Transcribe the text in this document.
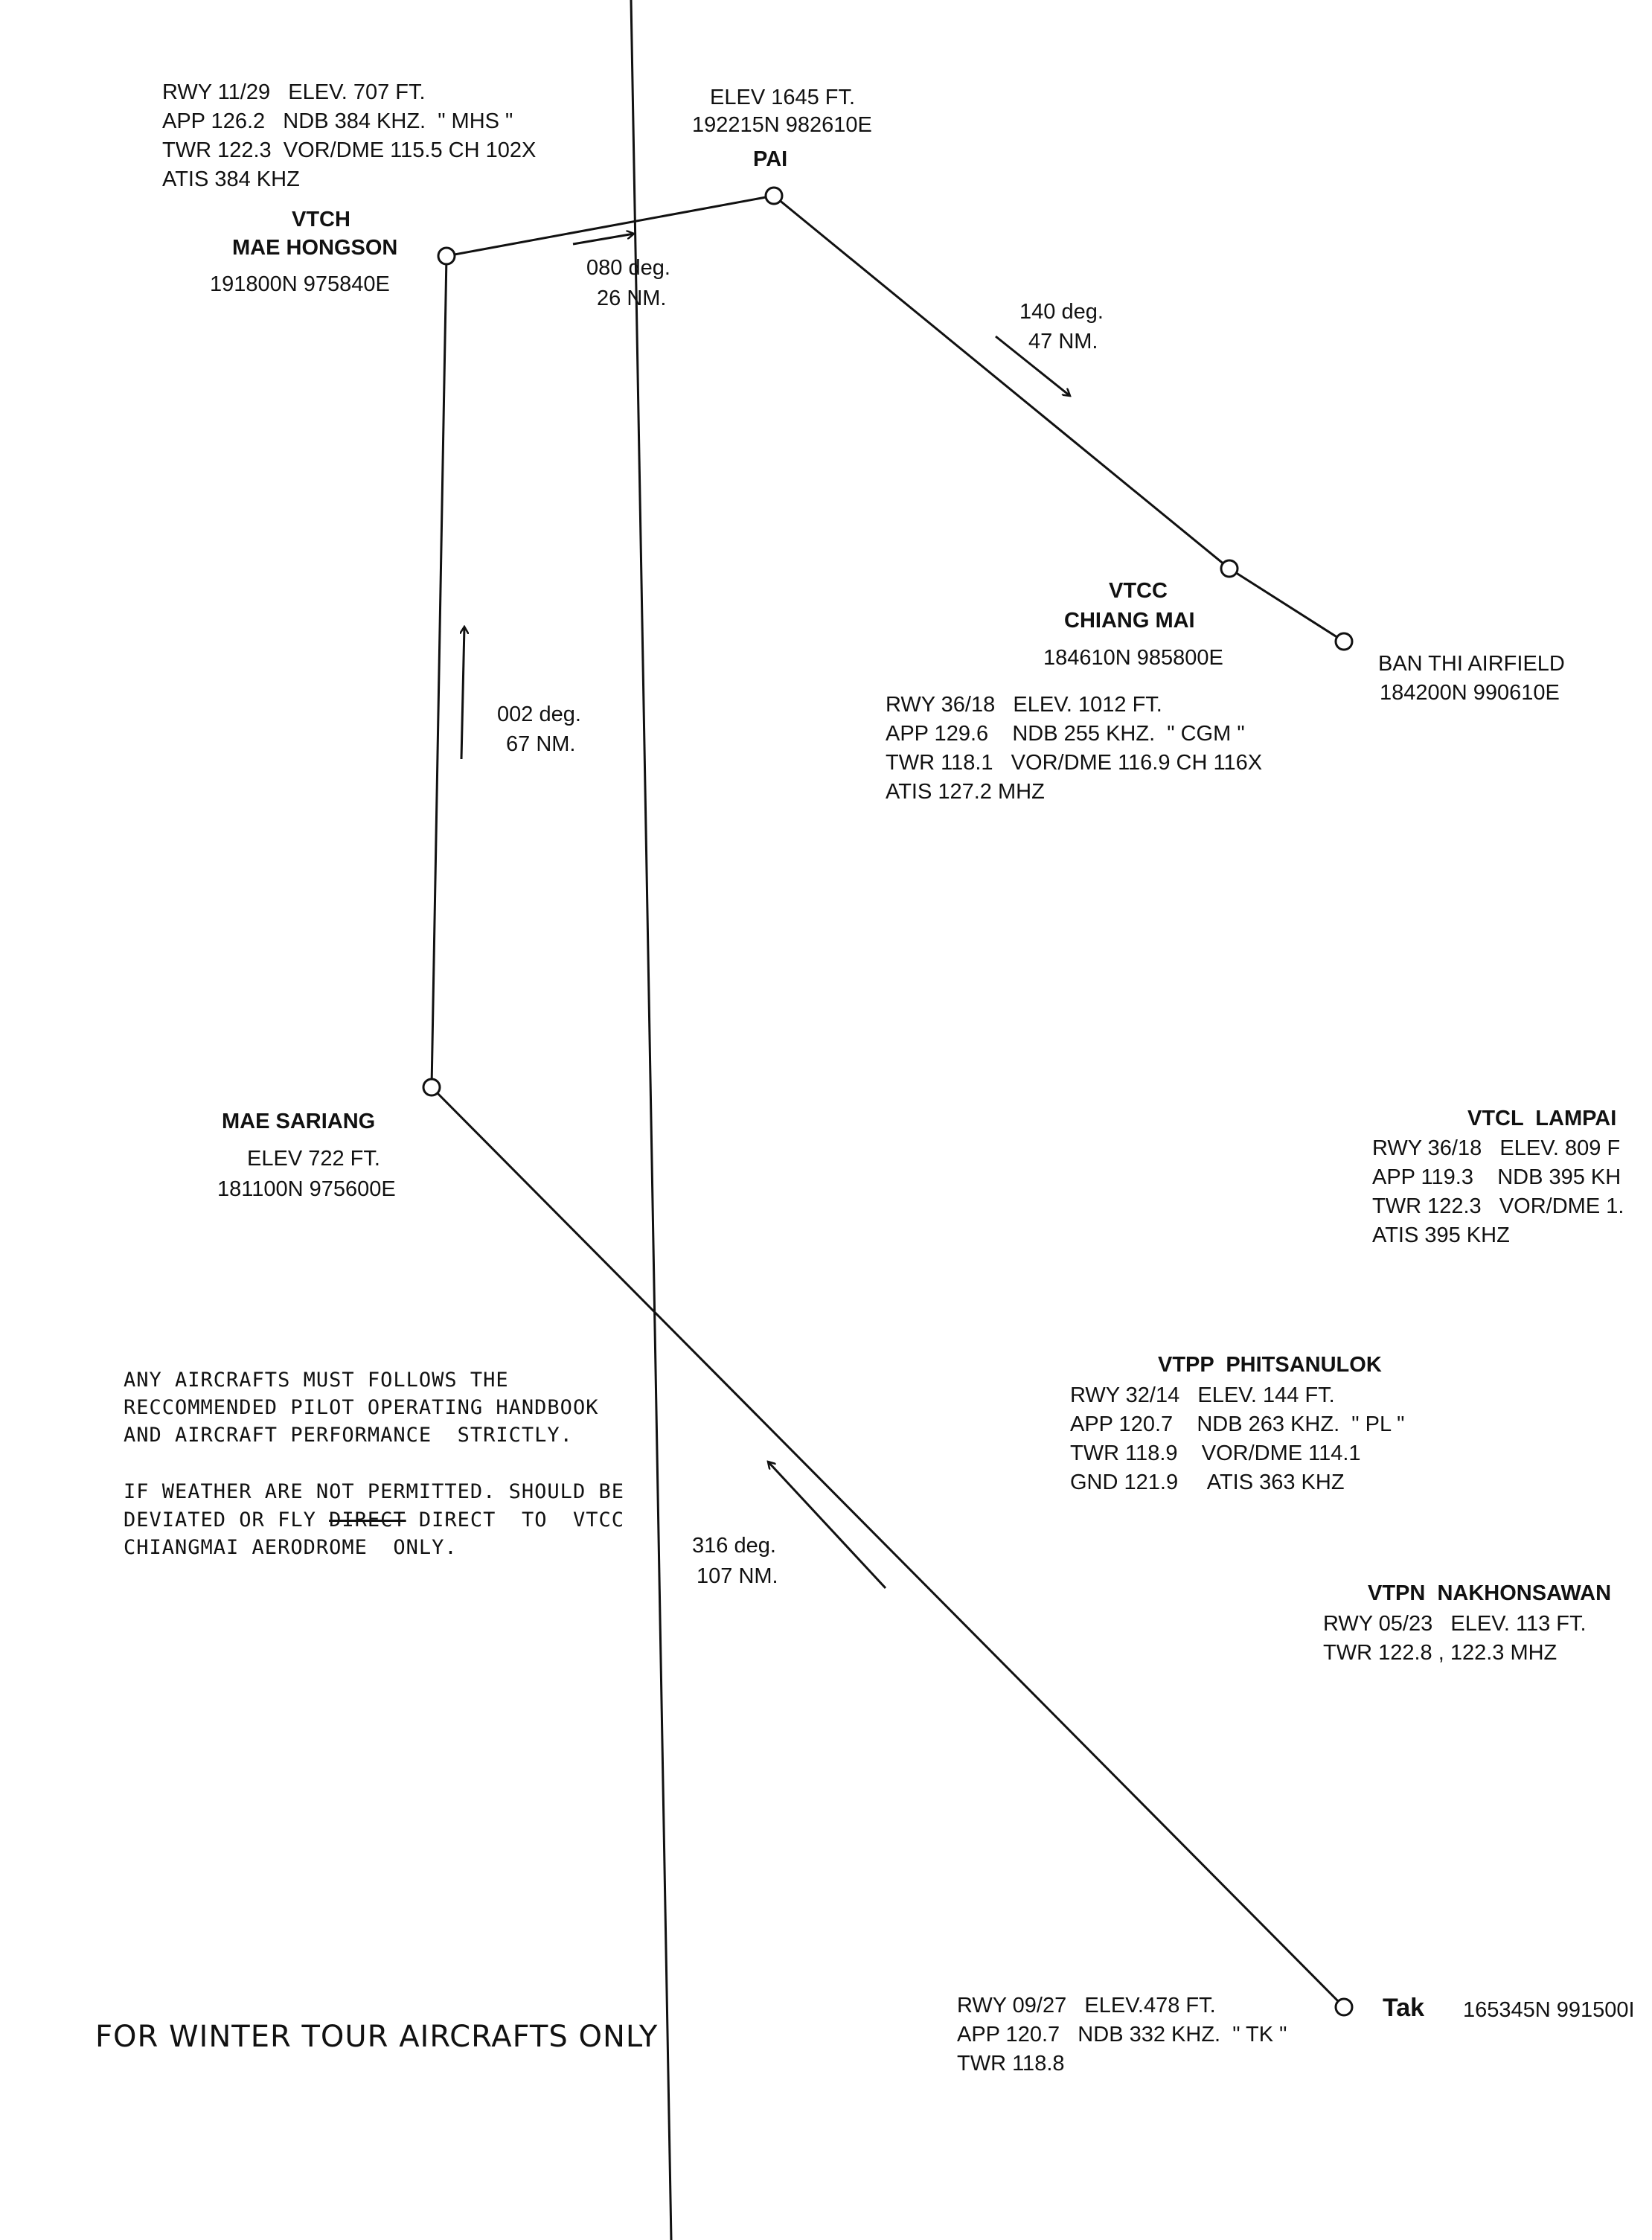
RWY 11/29   ELEV. 707 FT.
APP 126.2   NDB 384 KHZ.  " MHS "
TWR 122.3  VOR/DME 115.5 CH 102X
ATIS 384 KHZ
VTCH
MAE HONGSON
191800N 975840E
ELEV 1645 FT.
192215N 982610E
PAI
080 deg.
26 NM.
140 deg.
47 NM.
002 deg.
67 NM.
316 deg.
107 NM.
VTCC
CHIANG MAI
184610N 985800E
RWY 36/18   ELEV. 1012 FT.
APP 129.6    NDB 255 KHZ.  " CGM "
TWR 118.1   VOR/DME 116.9 CH 116X
ATIS 127.2 MHZ
BAN THI AIRFIELD
184200N 990610E
MAE SARIANG
ELEV 722 FT.
181100N 975600E
VTCL  LAMPAI
RWY 36/18   ELEV. 809 F
APP 119.3    NDB 395 KH
TWR 122.3   VOR/DME 1.
ATIS 395 KHZ
VTPP  PHITSANULOK
RWY 32/14   ELEV. 144 FT.
APP 120.7    NDB 263 KHZ.  " PL "
TWR 118.9    VOR/DME 114.1
GND 121.9     ATIS 363 KHZ
VTPN  NAKHONSAWAN
RWY 05/23   ELEV. 113 FT.
TWR 122.8 , 122.3 MHZ
Tak 165345N 991500I
RWY 09/27   ELEV.478 FT.
APP 120.7   NDB 332 KHZ.  " TK "
TWR 118.8
ANY AIRCRAFTS MUST FOLLOWS THE
RECCOMMENDED PILOT OPERATING HANDBOOK
AND AIRCRAFT PERFORMANCE  STRICTLY.
IF WEATHER ARE NOT PERMITTED. SHOULD BE
DEVIATED OR FLY DIRECT DIRECT  TO  VTCC
CHIANGMAI AERODROME  ONLY.
FOR WINTER TOUR AIRCRAFTS ONLY
